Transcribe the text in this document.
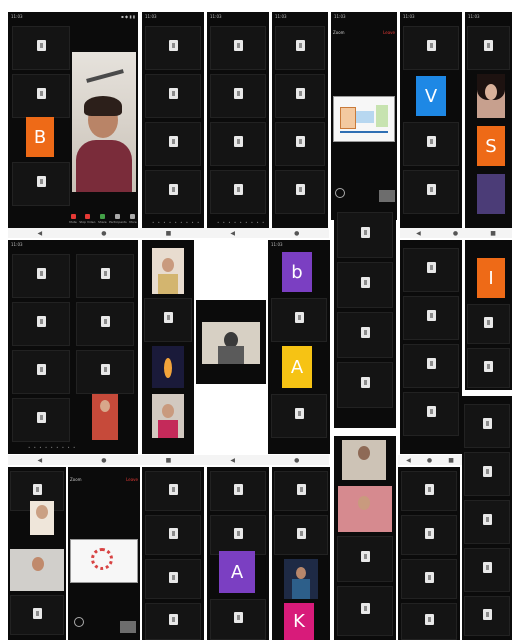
11:03	▪ ◆ ▮ ▮
B
Mute Stop Video Share Participants More
11:03
• • • • • • • • •
11:03
• • • • • • • • •
11:03	11:03
Zoom	Leave
11:03
V
11:03
S
◀	●	■	◀	●	◀	●	■
11:03
• • • • • • • • •
11:03
b
A
I
◀	●	■	◀	●	◀	●	■
Zoom	Leave
A
K
